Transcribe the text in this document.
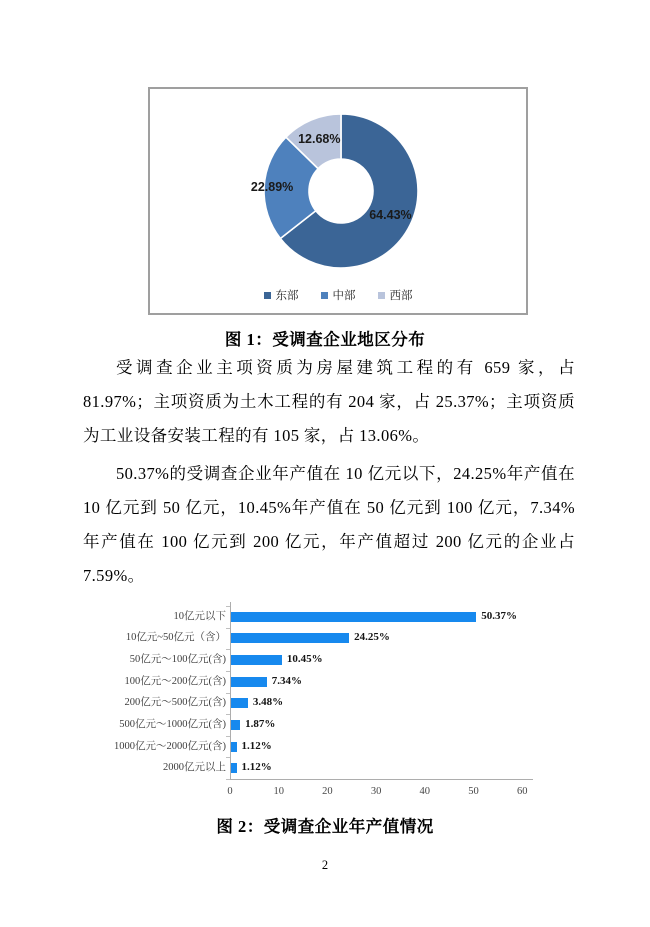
东部	中部	西部
64.43%
22.89%
12.68%
图 1：受调查企业地区分布

受调查企业主项资质为房屋建筑工程的有 659 家，占 81.97%；主项资质为土木工程的有 204 家，占 25.37%；主项资质为工业设备安装工程的有 105 家，占 13.06%。

50.37%的受调查企业年产值在 10 亿元以下，24.25%年产值在 10 亿元到 50 亿元，10.45%年产值在 50 亿元到 100 亿元，7.34%年产值在 100 亿元到 200 亿元，年产值超过 200 亿元的企业占 7.59%。

10亿元以下	50.37%
10亿元~50亿元（含）	24.25%
50亿元～100亿元(含)	10.45%
100亿元～200亿元(含)	7.34%
200亿元～500亿元(含) 3.48%
500亿元～1000亿元(含) 1.87%
1000亿元～2000亿元(含) 1.12%
2000亿元以上 1.12%
0	10	20	30	40	50	60
图 2：受调查企业年产值情况
2
